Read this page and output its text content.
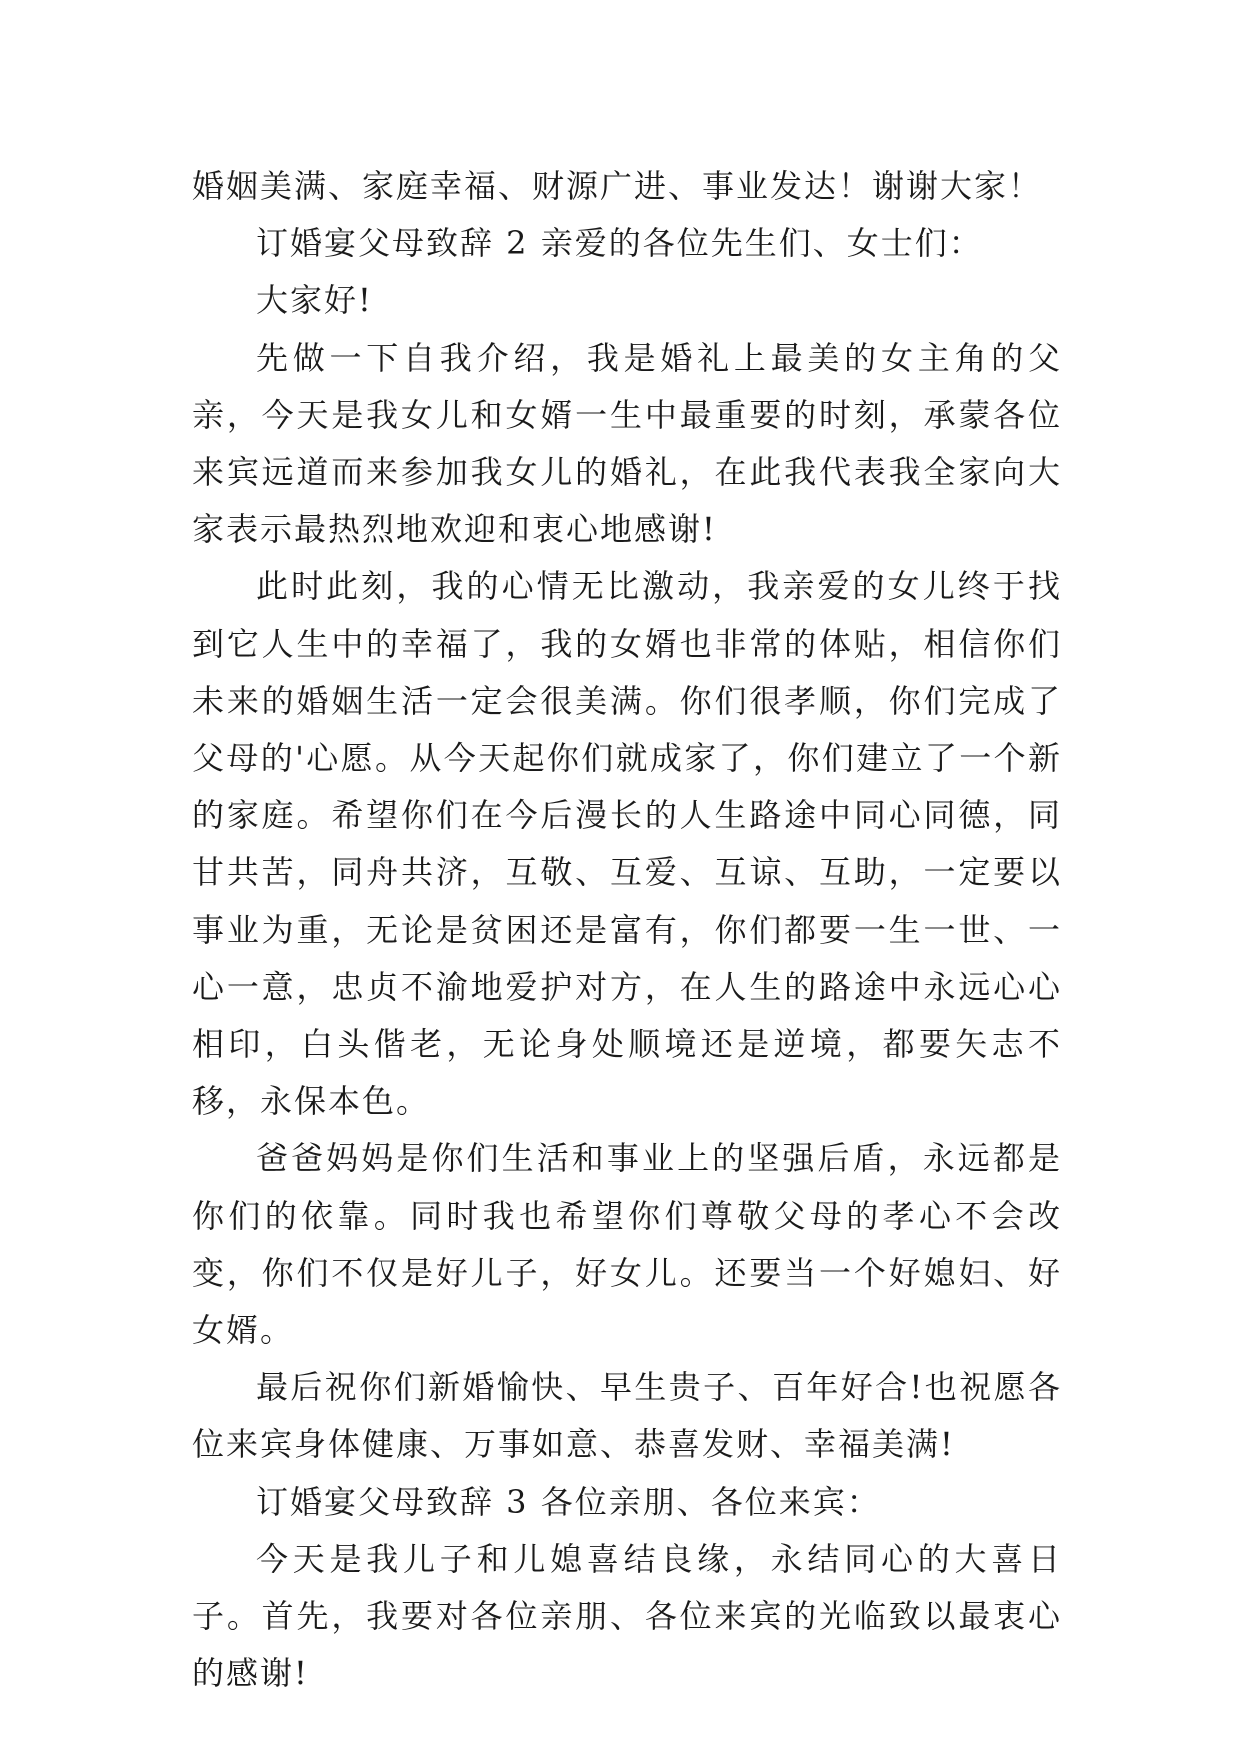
婚姻美满、家庭幸福、财源广进、事业发达！谢谢大家！

订婚宴父母致辞 2 亲爱的各位先生们、女士们：

大家好!

先做一下自我介绍，我是婚礼上最美的女主角的父亲，今天是我女儿和女婿一生中最重要的时刻，承蒙各位来宾远道而来参加我女儿的婚礼，在此我代表我全家向大家表示最热烈地欢迎和衷心地感谢!

此时此刻，我的心情无比激动，我亲爱的女儿终于找到它人生中的幸福了，我的女婿也非常的体贴，相信你们未来的婚姻生活一定会很美满。你们很孝顺，你们完成了父母的'心愿。从今天起你们就成家了，你们建立了一个新的家庭。希望你们在今后漫长的人生路途中同心同德，同甘共苦，同舟共济，互敬、互爱、互谅、互助，一定要以事业为重，无论是贫困还是富有，你们都要一生一世、一心一意，忠贞不渝地爱护对方，在人生的路途中永远心心相印，白头偕老，无论身处顺境还是逆境，都要矢志不移，永保本色。

爸爸妈妈是你们生活和事业上的坚强后盾，永远都是你们的依靠。同时我也希望你们尊敬父母的孝心不会改变，你们不仅是好儿子，好女儿。还要当一个好媳妇、好女婿。

最后祝你们新婚愉快、早生贵子、百年好合!也祝愿各位来宾身体健康、万事如意、恭喜发财、幸福美满!

订婚宴父母致辞 3 各位亲朋、各位来宾：

今天是我儿子和儿媳喜结良缘，永结同心的大喜日子。首先，我要对各位亲朋、各位来宾的光临致以最衷心的感谢!
